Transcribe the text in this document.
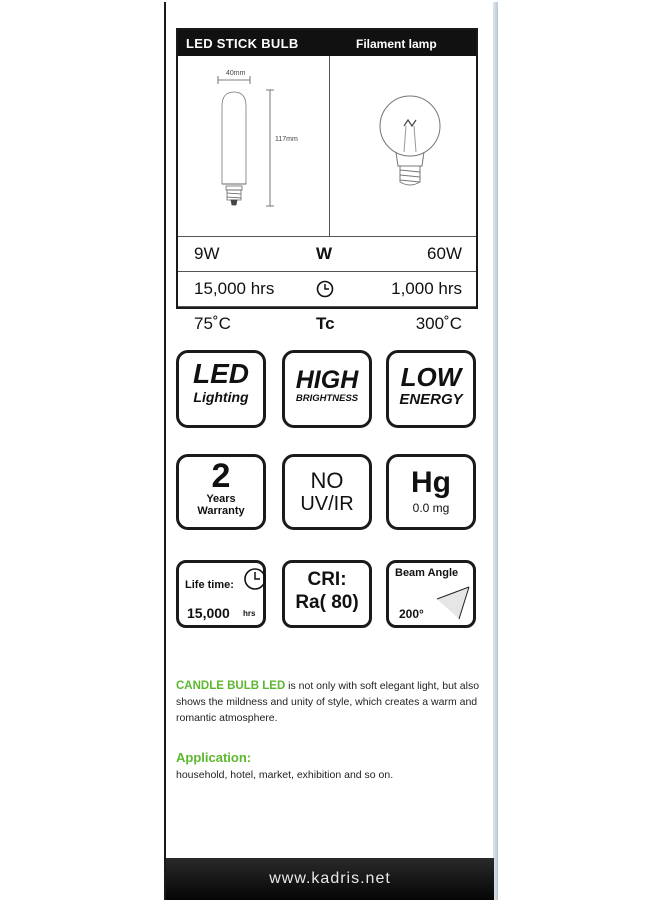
LED STICK BULB	Filament lamp
40mm
117mm
9W	W	60W
15,000 hrs	1,000 hrs
75˚C	Tc	300˚C
LED
Lighting
HIGH
BRIGHTNESS
LOW
ENERGY
2
Years
Warranty
NO
UV/IR
Hg
0.0 mg
Life time:
15,000 hrs
CRI:
Ra( 80)
Beam Angle
200°
CANDLE BULB LED is not only with soft elegant light, but also shows the mildness and unity of style, which creates a warm and romantic atmosphere.
Application:
household, hotel, market, exhibition and so on.
www.kadris.net
